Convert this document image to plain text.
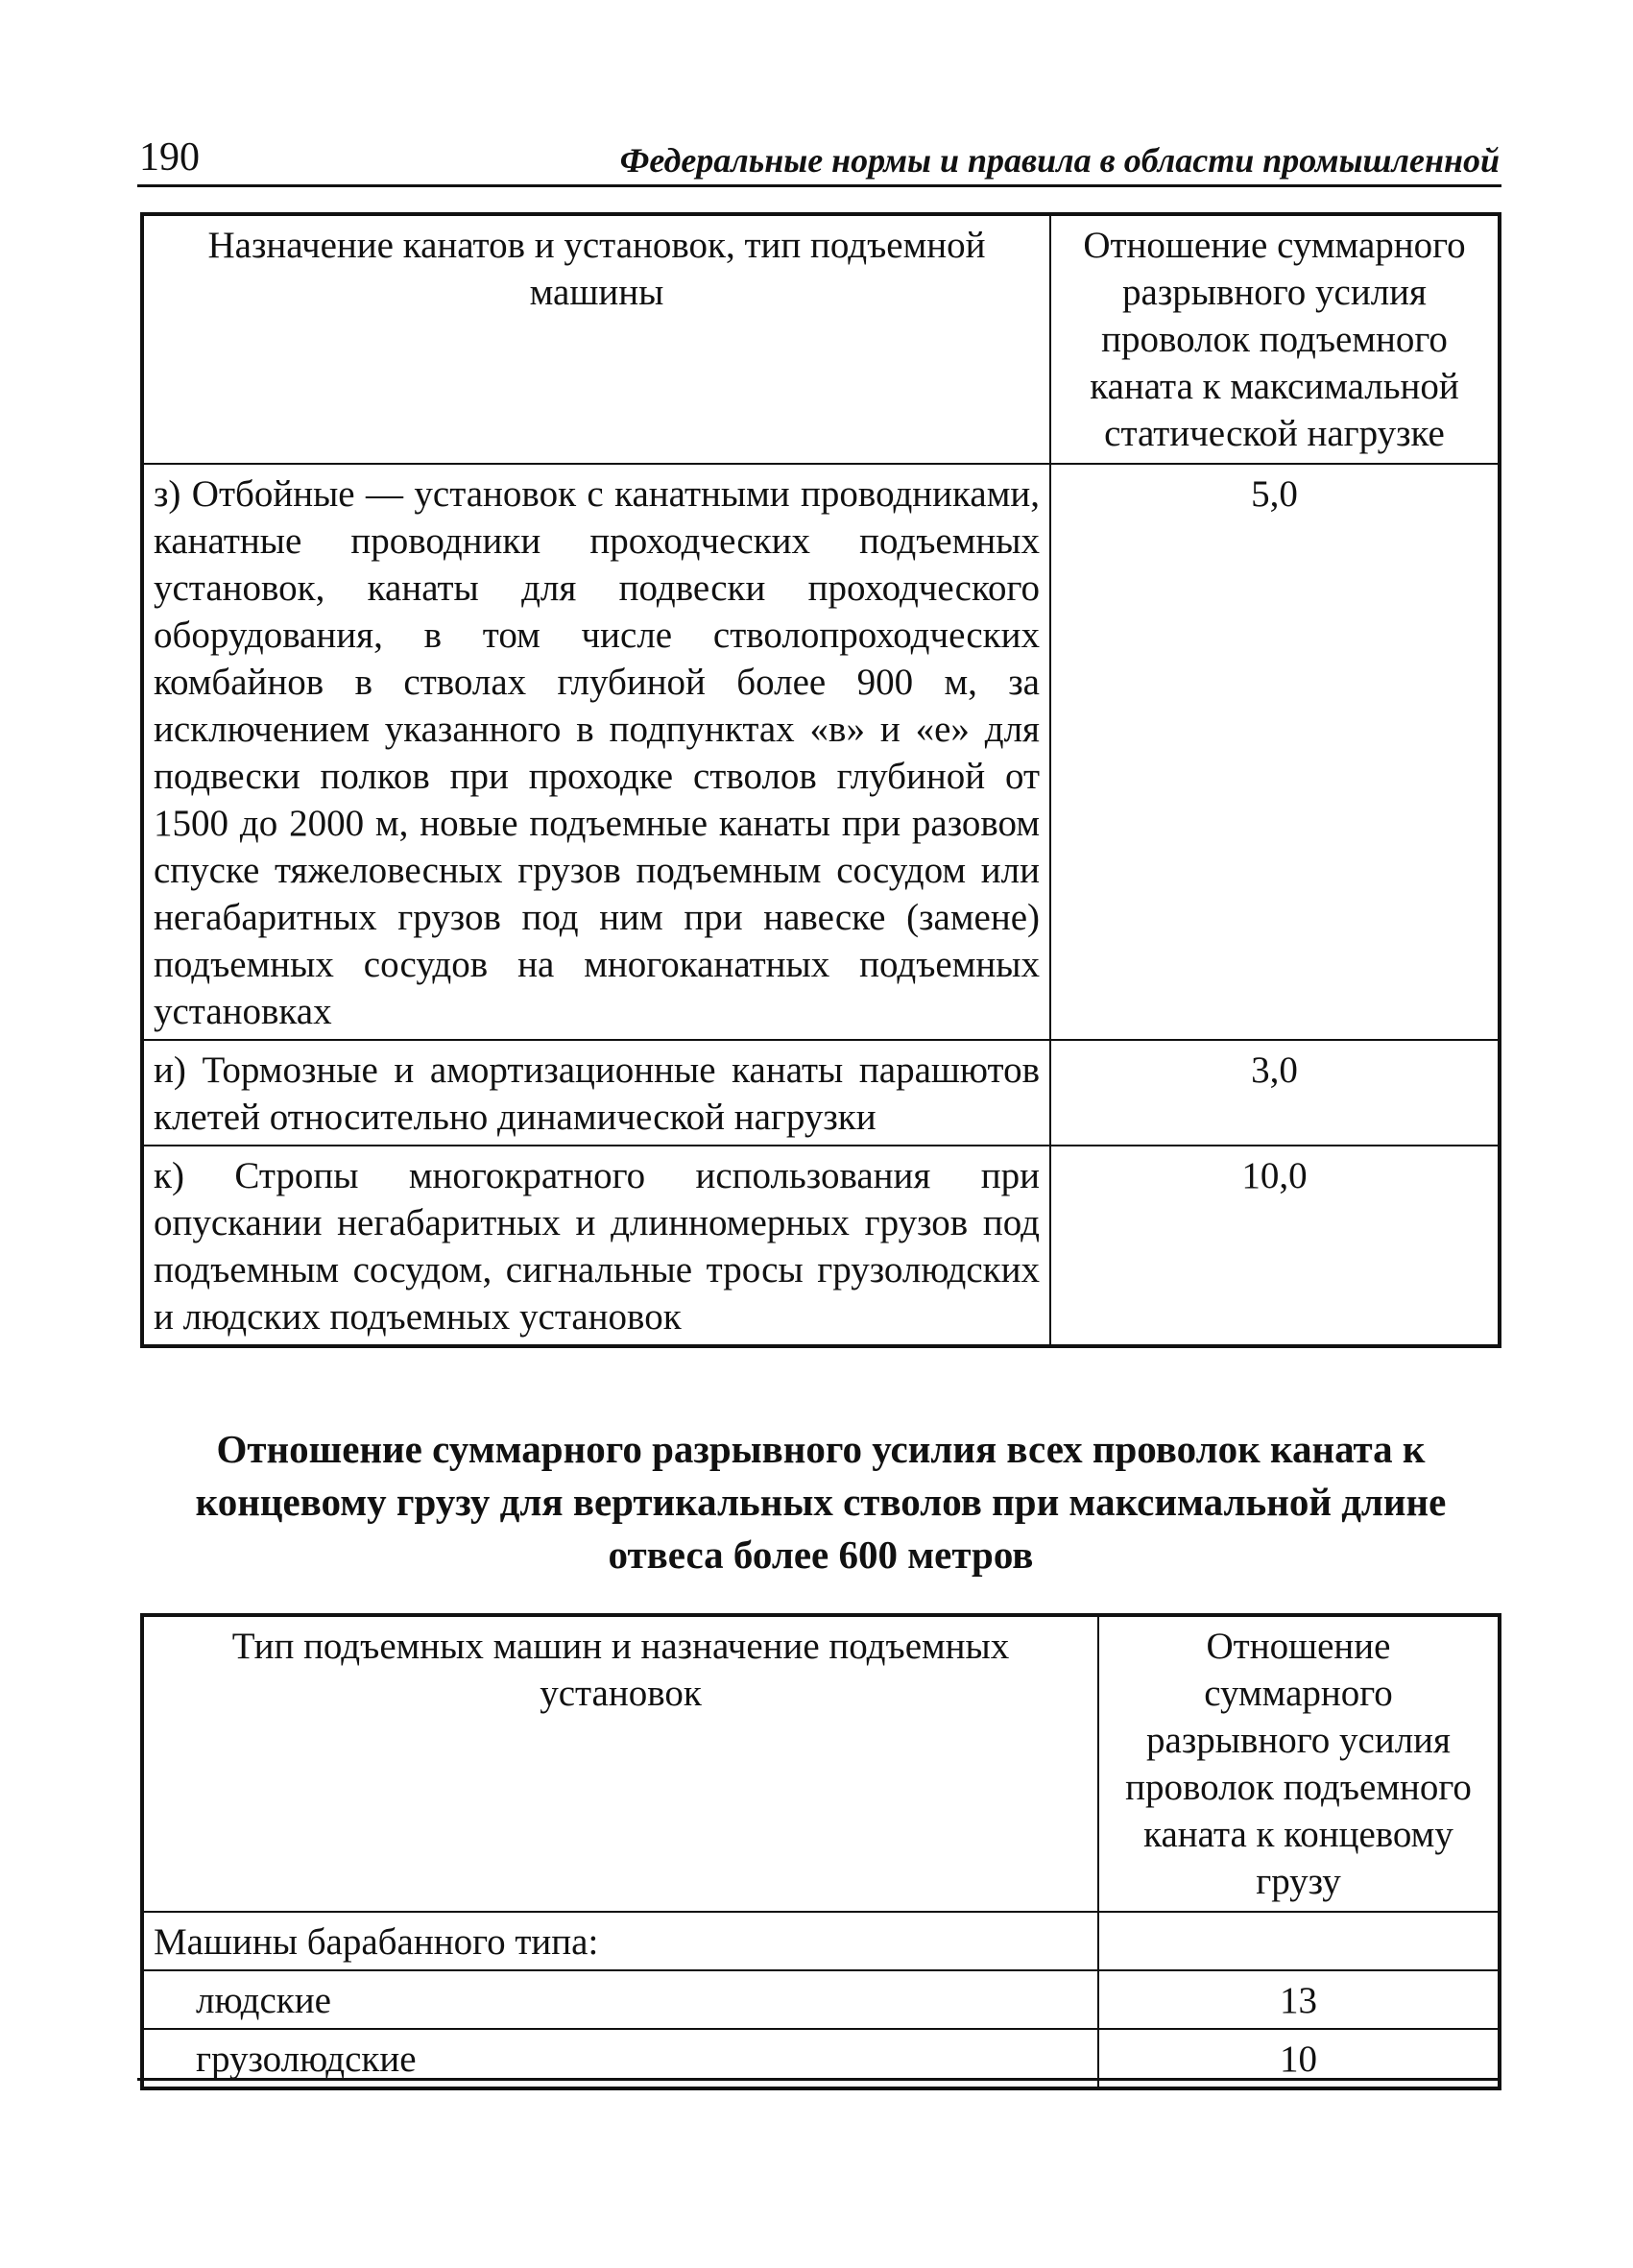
190	Федеральные нормы и правила в области промышленной
Назначение канатов и установок, тип подъемной машины	Отношение суммарного разрывного усилия проволок подъемного каната к максимальной статической нагрузке
з) Отбойные — установок с канатными проводниками, канатные проводники проходческих подъемных установок, канаты для подвески проходческого оборудования, в том числе стволопроходческих комбайнов в стволах глубиной более 900 м, за исключением указанного в подпунктах «в» и «е» для подвески полков при проходке стволов глубиной от 1500 до 2000 м, новые подъемные канаты при разовом спуске тяжеловесных грузов подъемным сосудом или негабаритных грузов под ним при навеске (замене) подъемных сосудов на многоканатных подъемных установках	5,0
и) Тормозные и амортизационные канаты парашютов клетей относительно динамической нагрузки	3,0
к) Стропы многократного использования при опускании негабаритных и длинномерных грузов под подъемным сосудом, сигнальные тросы грузолюдских и людских подъемных установок	10,0
Отношение суммарного разрывного усилия всех проволок каната к концевому грузу для вертикальных стволов при максимальной длине отвеса более 600 метров
Тип подъемных машин и назначение подъемных установок	Отношение суммарного разрывного усилия проволок подъемного каната к концевому грузу
Машины барабанного типа:	
людские	13
грузолюдские	10
